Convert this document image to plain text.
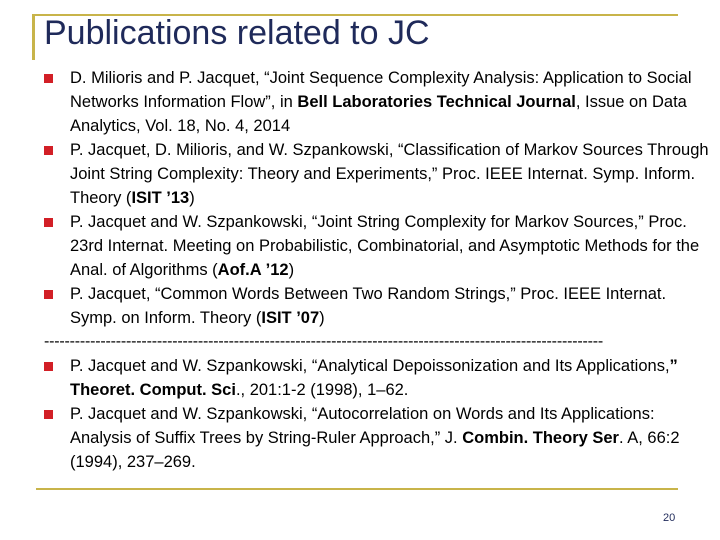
Publications related to JC
D. Milioris and P. Jacquet, “Joint Sequence Complexity Analysis: Application to Social Networks Information Flow”, in Bell Laboratories Technical Journal, Issue on Data Analytics, Vol. 18, No. 4, 2014
P. Jacquet, D. Milioris, and W. Szpankowski, “Classification of Markov Sources Through Joint String Complexity: Theory and Experiments,” Proc. IEEE Internat. Symp. Inform. Theory (ISIT ’13)
P. Jacquet and W. Szpankowski, “Joint String Complexity for Markov Sources,” Proc. 23rd Internat. Meeting on Probabilistic, Combinatorial, and Asymptotic Methods for the Anal. of Algorithms (Aof.A ’12)
P. Jacquet, “Common Words Between Two Random Strings,” Proc. IEEE Internat. Symp. on Inform. Theory (ISIT ’07)
-------------------------------------------------------------------------------------------------------------
P. Jacquet and W. Szpankowski, “Analytical Depoissonization and Its Applications,” Theoret. Comput. Sci., 201:1-2 (1998), 1–62.
P. Jacquet and W. Szpankowski, “Autocorrelation on Words and Its Applications: Analysis of Suffix Trees by String-Ruler Approach,” J. Combin. Theory Ser. A, 66:2 (1994), 237–269.
20
